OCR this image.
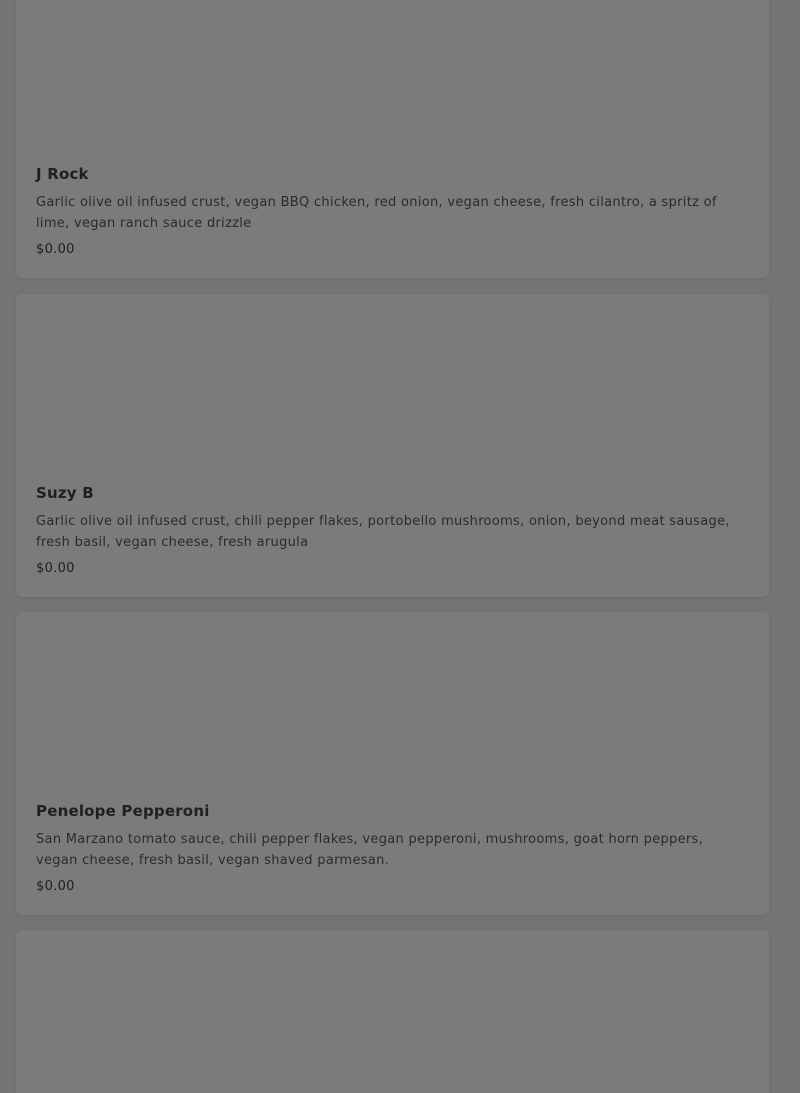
J Rock
Garlic olive oil infused crust, vegan BBQ chicken, red onion, vegan cheese, fresh cilantro, a spritz of lime, vegan ranch sauce drizzle
$0.00
Suzy B
Garlic olive oil infused crust, chili pepper flakes, portobello mushrooms, onion, beyond meat sausage, fresh basil, vegan cheese, fresh arugula
$0.00
Penelope Pepperoni
San Marzano tomato sauce, chili pepper flakes, vegan pepperoni, mushrooms, goat horn peppers, vegan cheese, fresh basil, vegan shaved parmesan.
$0.00
